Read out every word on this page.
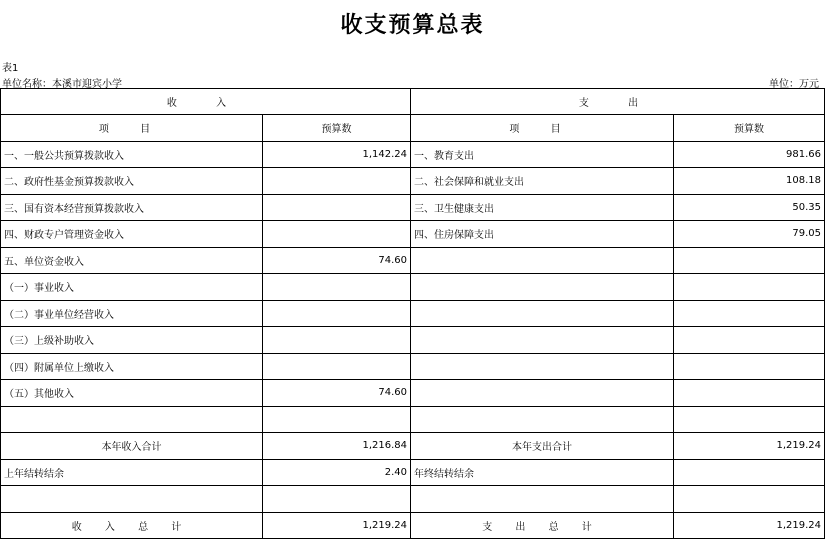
收支预算总表
表1
单位名称：本溪市迎宾小学	单位：万元
收 入		支 出	
项 目	预算数	项 目	预算数
一、一般公共预算拨款收入	1,142.24	一、教育支出	981.66
二、政府性基金预算拨款收入		二、社会保障和就业支出	108.18
三、国有资本经营预算拨款收入		三、卫生健康支出	50.35
四、财政专户管理资金收入		四、住房保障支出	79.05
五、单位资金收入	74.60		
（一）事业收入			
（二）事业单位经营收入			
（三）上级补助收入			
（四）附属单位上缴收入			
（五）其他收入	74.60		

本年收入合计	1,216.84	本年支出合计	1,219.24
上年结转结余	2.40	年终结转结余	

收 入 总 计	1,219.24	支 出 总 计	1,219.24
